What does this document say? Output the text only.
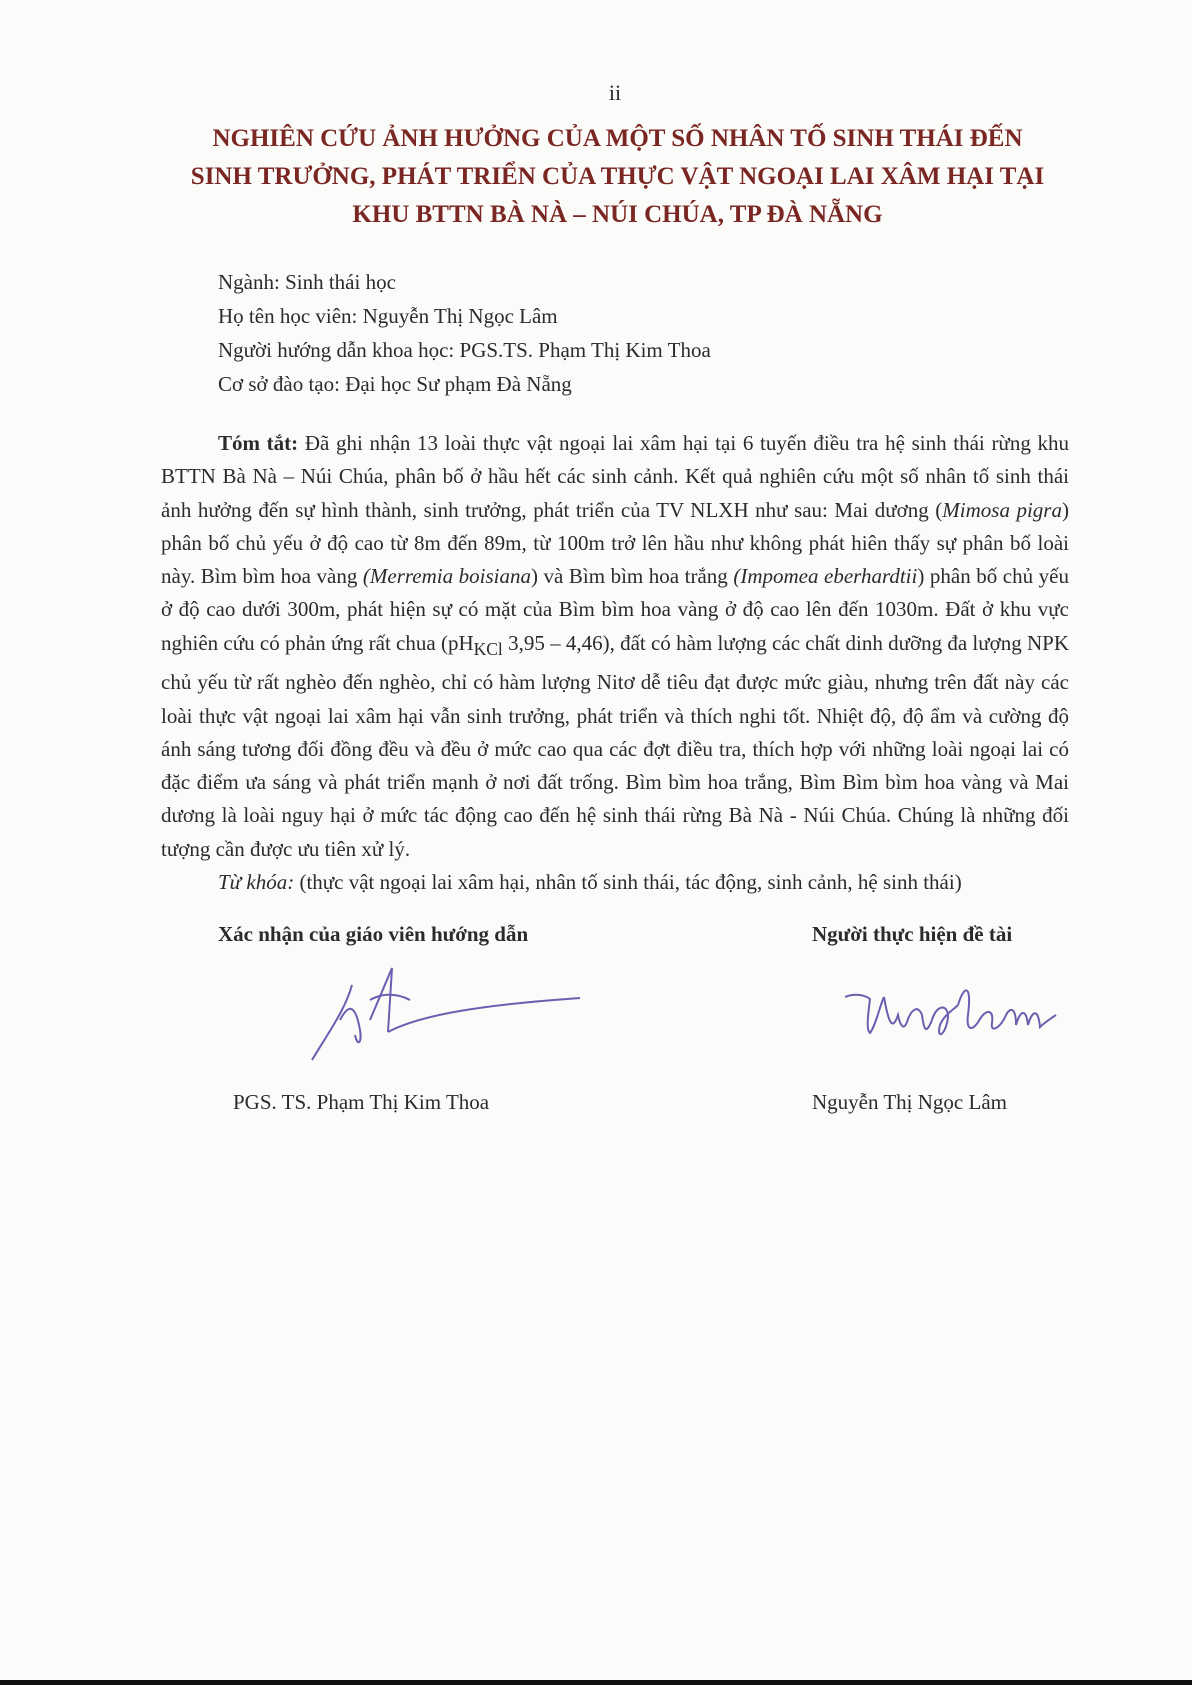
ii
NGHIÊN CỨU ẢNH HƯỞNG CỦA MỘT SỐ NHÂN TỐ SINH THÁI ĐẾN
SINH TRƯỞNG, PHÁT TRIỂN CỦA THỰC VẬT NGOẠI LAI XÂM HẠI TẠI
KHU BTTN BÀ NÀ – NÚI CHÚA, TP ĐÀ NẴNG
Ngành: Sinh thái học
Họ tên học viên: Nguyễn Thị Ngọc Lâm
Người hướng dẫn khoa học: PGS.TS. Phạm Thị Kim Thoa
Cơ sở đào tạo: Đại học Sư phạm Đà Nẵng

Tóm tắt: Đã ghi nhận 13 loài thực vật ngoại lai xâm hại tại 6 tuyến điều tra hệ sinh thái rừng khu BTTN Bà Nà – Núi Chúa, phân bố ở hầu hết các sinh cảnh. Kết quả nghiên cứu một số nhân tố sinh thái ảnh hưởng đến sự hình thành, sinh trưởng, phát triển của TV NLXH như sau: Mai dương (Mimosa pigra) phân bố chủ yếu ở độ cao từ 8m đến 89m, từ 100m trở lên hầu như không phát hiên thấy sự phân bố loài này. Bìm bìm hoa vàng (Merremia boisiana) và Bìm bìm hoa trắng (Impomea eberhardtii) phân bố chủ yếu ở độ cao dưới 300m, phát hiện sự có mặt của Bìm bìm hoa vàng ở độ cao lên đến 1030m. Đất ở khu vực nghiên cứu có phản ứng rất chua ($pH_{KCl}$ 3,95 – 4,46), đất có hàm lượng các chất dinh dưỡng đa lượng NPK chủ yếu từ rất nghèo đến nghèo, chỉ có hàm lượng Nitơ dễ tiêu đạt được mức giàu, nhưng trên đất này các loài thực vật ngoại lai xâm hại vẫn sinh trưởng, phát triển và thích nghi tốt. Nhiệt độ, độ ẩm và cường độ ánh sáng tương đối đồng đều và đều ở mức cao qua các đợt điều tra, thích hợp với những loài ngoại lai có đặc điểm ưa sáng và phát triển mạnh ở nơi đất trống. Bìm bìm hoa trắng, Bìm Bìm bìm hoa vàng và Mai dương là loài nguy hại ở mức tác động cao đến hệ sinh thái rừng Bà Nà - Núi Chúa. Chúng là những đối tượng cần được ưu tiên xử lý.

Từ khóa: (thực vật ngoại lai xâm hại, nhân tố sinh thái, tác động, sinh cảnh, hệ sinh thái)

Xác nhận của giáo viên hướng dẫn	Người thực hiện đề tài
PGS. TS. Phạm Thị Kim Thoa	Nguyễn Thị Ngọc Lâm
